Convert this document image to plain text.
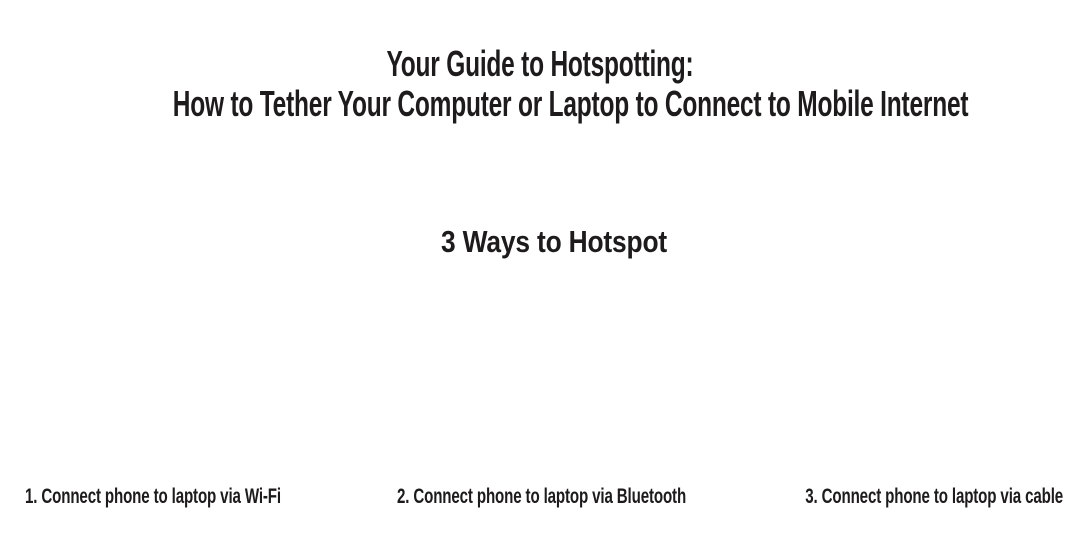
Your Guide to Hotspotting:
How to Tether Your Computer or Laptop to Connect to Mobile Internet
3 Ways to Hotspot

1. Connect phone to laptop via Wi-Fi	2. Connect phone to laptop via Bluetooth	3. Connect phone to laptop via cable
